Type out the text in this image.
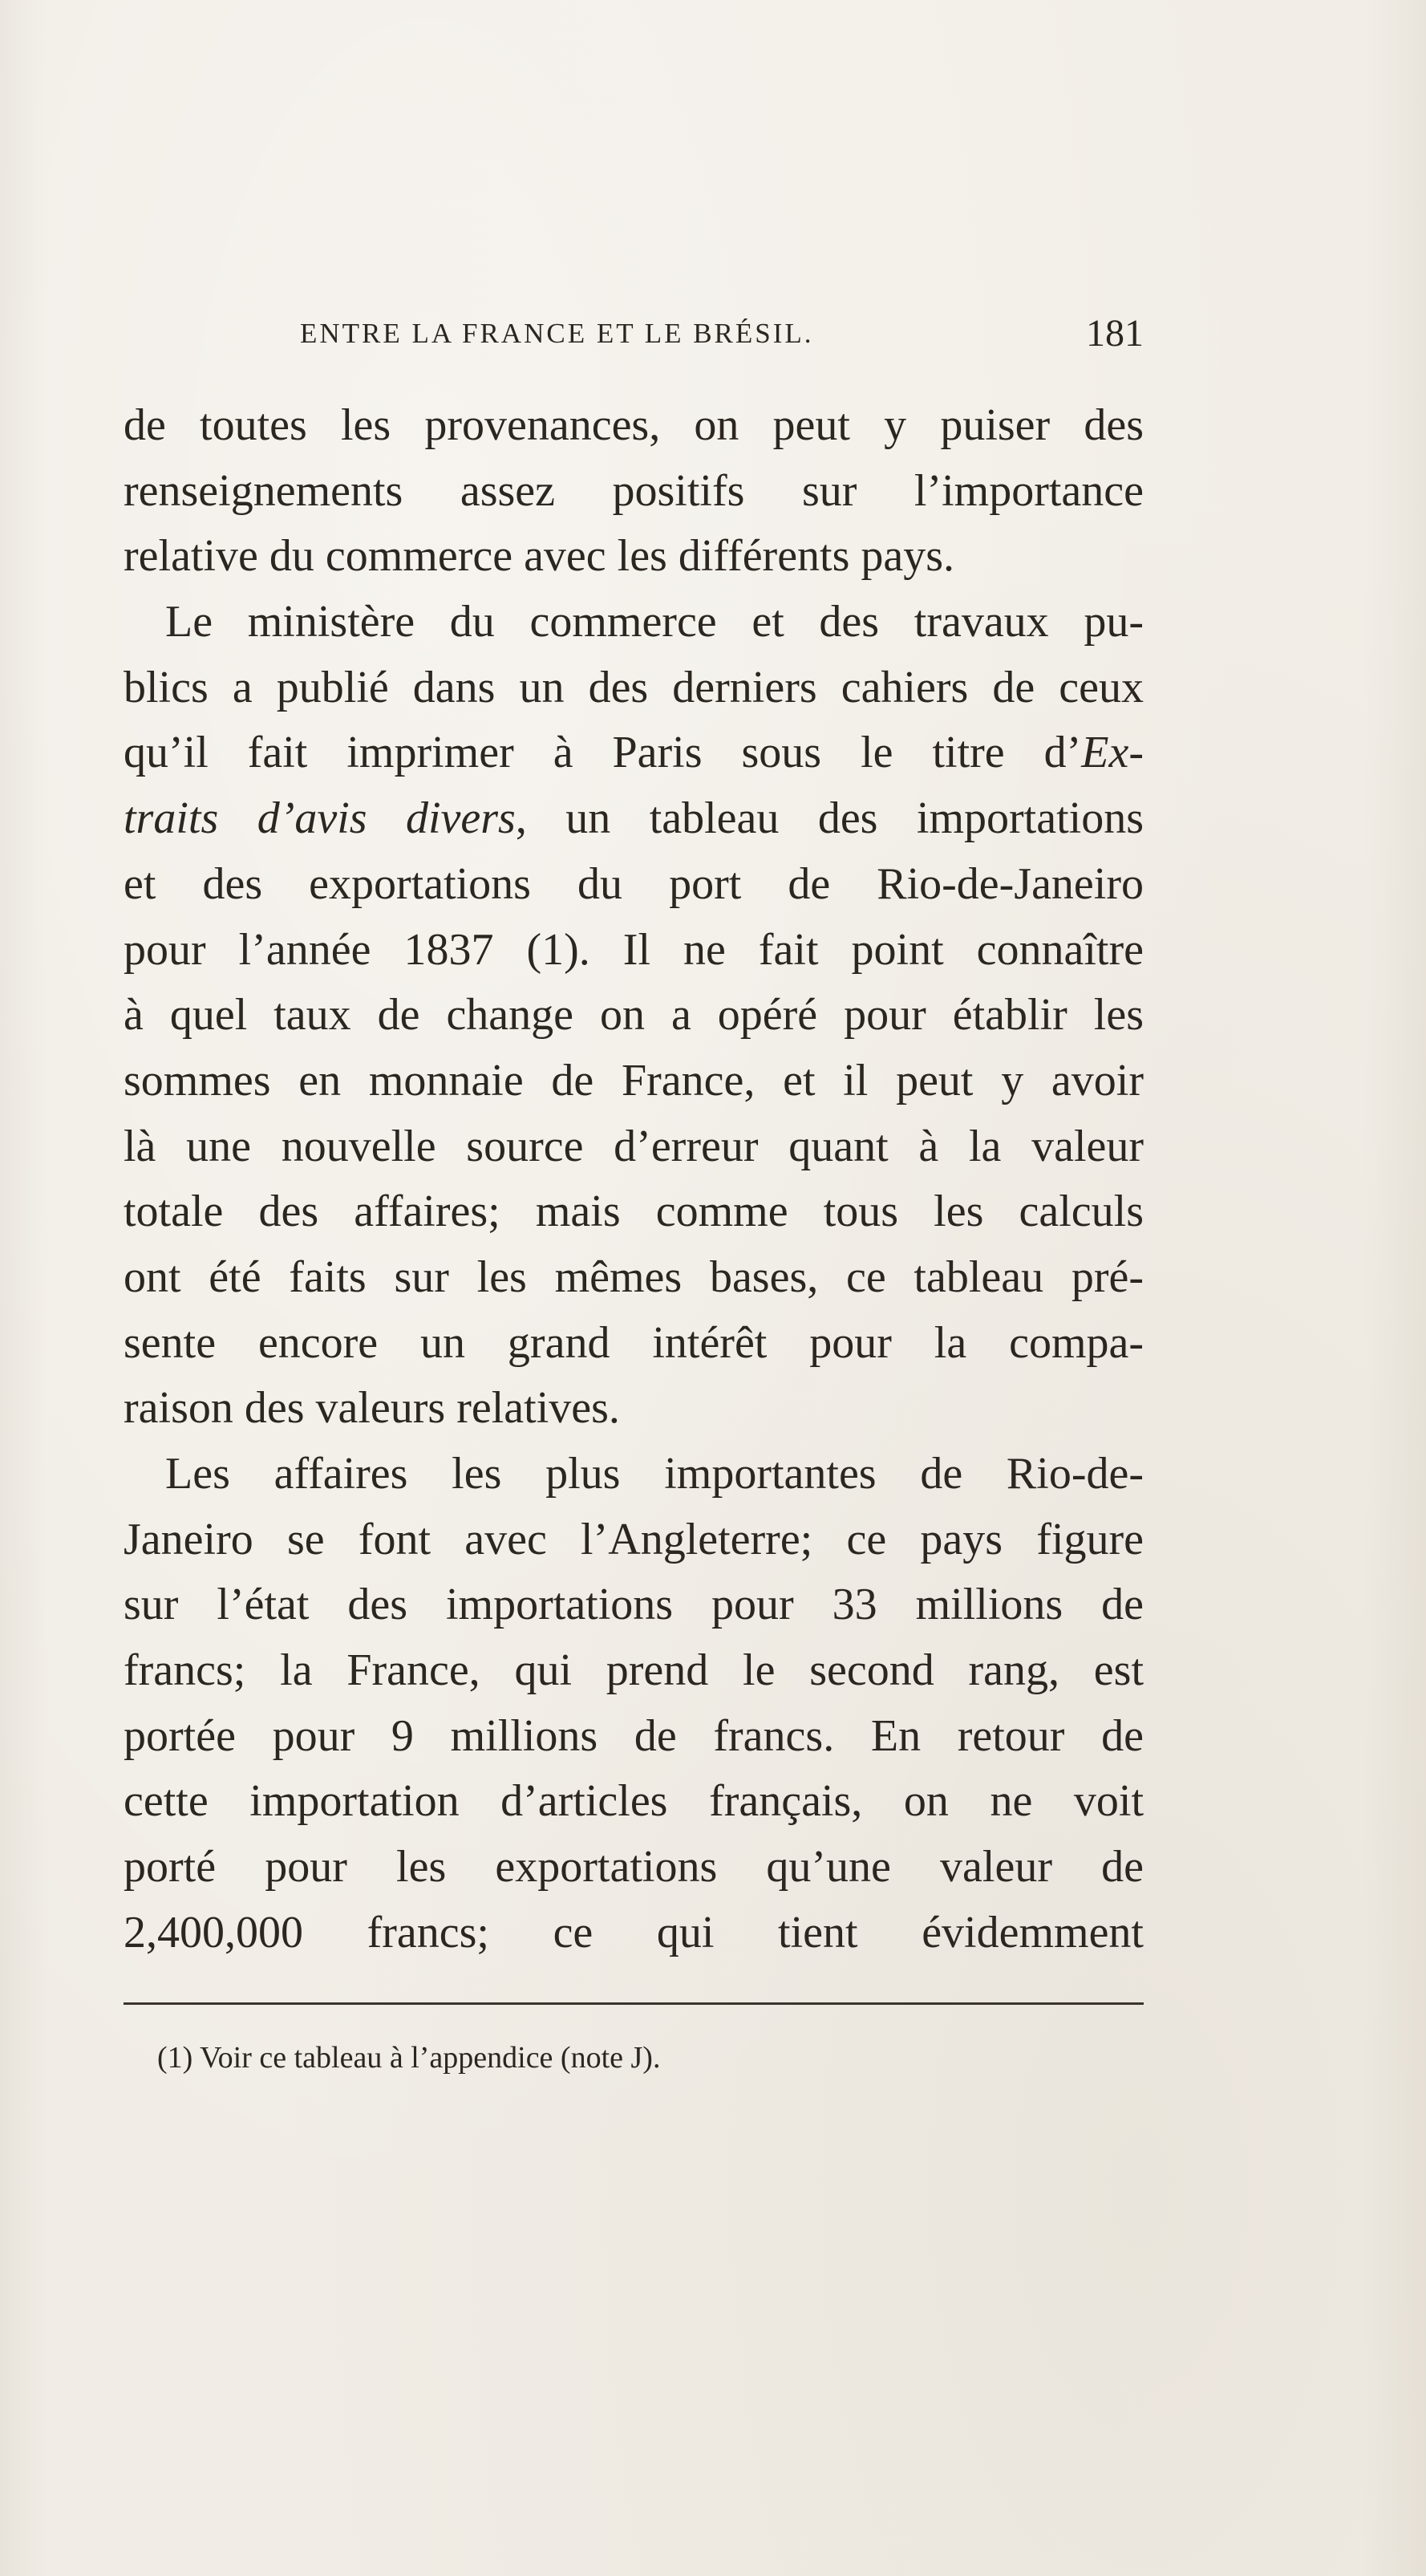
ENTRE LA FRANCE ET LE BRÉSIL.	181
de toutes les provenances, on peut y puiser des
renseignements assez positifs sur l’importance
relative du commerce avec les différents pays.
Le ministère du commerce et des travaux pu-
blics a publié dans un des derniers cahiers de ceux
qu’il fait imprimer à Paris sous le titre d’Ex-
traits d’avis divers, un tableau des importations
et des exportations du port de Rio-de-Janeiro
pour l’année 1837 (1). Il ne fait point connaître
à quel taux de change on a opéré pour établir les
sommes en monnaie de France, et il peut y avoir
là une nouvelle source d’erreur quant à la valeur
totale des affaires; mais comme tous les calculs
ont été faits sur les mêmes bases, ce tableau pré-
sente encore un grand intérêt pour la compa-
raison des valeurs relatives.
Les affaires les plus importantes de Rio-de-
Janeiro se font avec l’Angleterre; ce pays figure
sur l’état des importations pour 33 millions de
francs; la France, qui prend le second rang, est
portée pour 9 millions de francs. En retour de
cette importation d’articles français, on ne voit
porté pour les exportations qu’une valeur de
2,400,000 francs; ce qui tient évidemment
(1) Voir ce tableau à l’appendice (note J).
